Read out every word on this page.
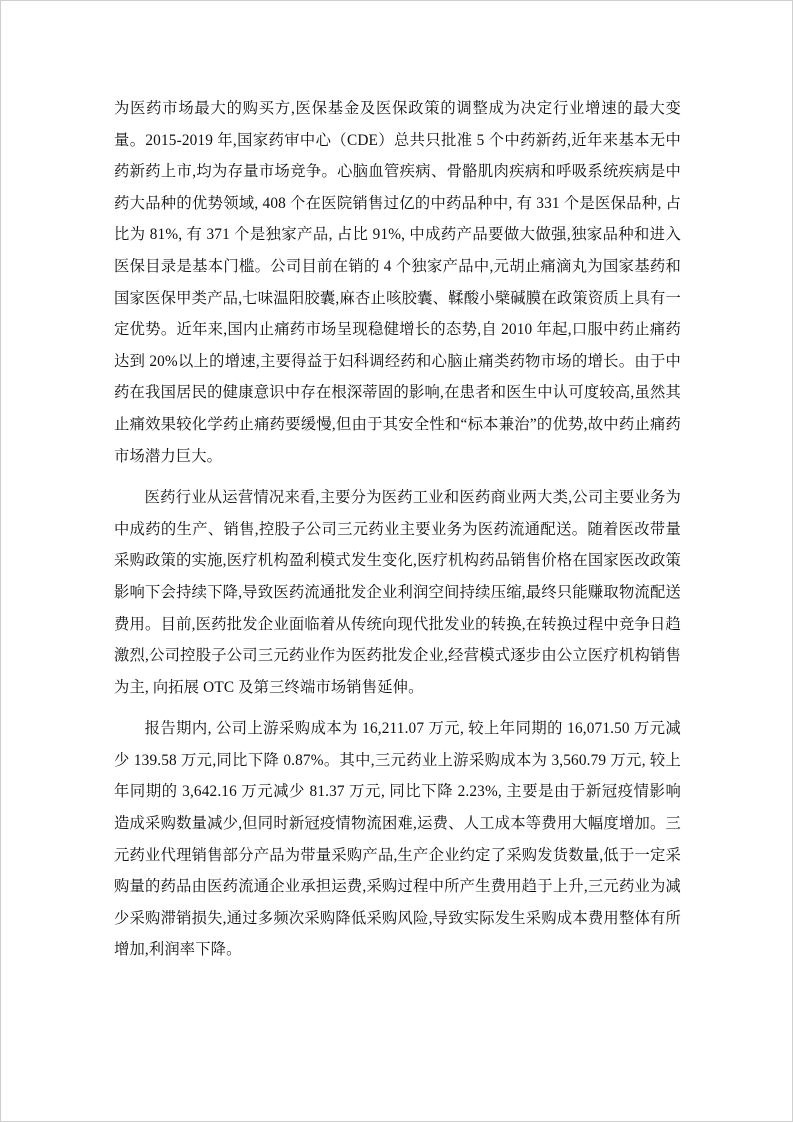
为医药市场最大的购买方,医保基金及医保政策的调整成为决定行业增速的最大变量。2015-2019 年,国家药审中心（CDE）总共只批准 5 个中药新药,近年来基本无中药新药上市,均为存量市场竞争。心脑血管疾病、骨骼肌肉疾病和呼吸系统疾病是中药大品种的优势领域, 408 个在医院销售过亿的中药品种中, 有 331 个是医保品种, 占比为 81%, 有 371 个是独家产品, 占比 91%, 中成药产品要做大做强,独家品种和进入医保目录是基本门槛。公司目前在销的 4 个独家产品中,元胡止痛滴丸为国家基药和国家医保甲类产品,七味温阳胶囊,麻杏止咳胶囊、鞣酸小檗碱膜在政策资质上具有一定优势。近年来,国内止痛药市场呈现稳健增长的态势,自 2010 年起,口服中药止痛药达到 20%以上的增速,主要得益于妇科调经药和心脑止痛类药物市场的增长。由于中药在我国居民的健康意识中存在根深蒂固的影响,在患者和医生中认可度较高,虽然其止痛效果较化学药止痛药要缓慢,但由于其安全性和“标本兼治”的优势,故中药止痛药市场潜力巨大。

医药行业从运营情况来看,主要分为医药工业和医药商业两大类,公司主要业务为中成药的生产、销售,控股子公司三元药业主要业务为医药流通配送。随着医改带量采购政策的实施,医疗机构盈利模式发生变化,医疗机构药品销售价格在国家医改政策影响下会持续下降,导致医药流通批发企业利润空间持续压缩,最终只能赚取物流配送费用。目前,医药批发企业面临着从传统向现代批发业的转换,在转换过程中竞争日趋激烈,公司控股子公司三元药业作为医药批发企业,经营模式逐步由公立医疗机构销售为主, 向拓展 OTC 及第三终端市场销售延伸。

报告期内, 公司上游采购成本为 16,211.07 万元, 较上年同期的 16,071.50 万元减少 139.58 万元,同比下降 0.87%。其中,三元药业上游采购成本为 3,560.79 万元, 较上年同期的 3,642.16 万元减少 81.37 万元, 同比下降 2.23%, 主要是由于新冠疫情影响造成采购数量减少,但同时新冠疫情物流困难,运费、人工成本等费用大幅度增加。三元药业代理销售部分产品为带量采购产品,生产企业约定了采购发货数量,低于一定采购量的药品由医药流通企业承担运费,采购过程中所产生费用趋于上升,三元药业为减少采购滞销损失,通过多频次采购降低采购风险,导致实际发生采购成本费用整体有所增加,利润率下降。
